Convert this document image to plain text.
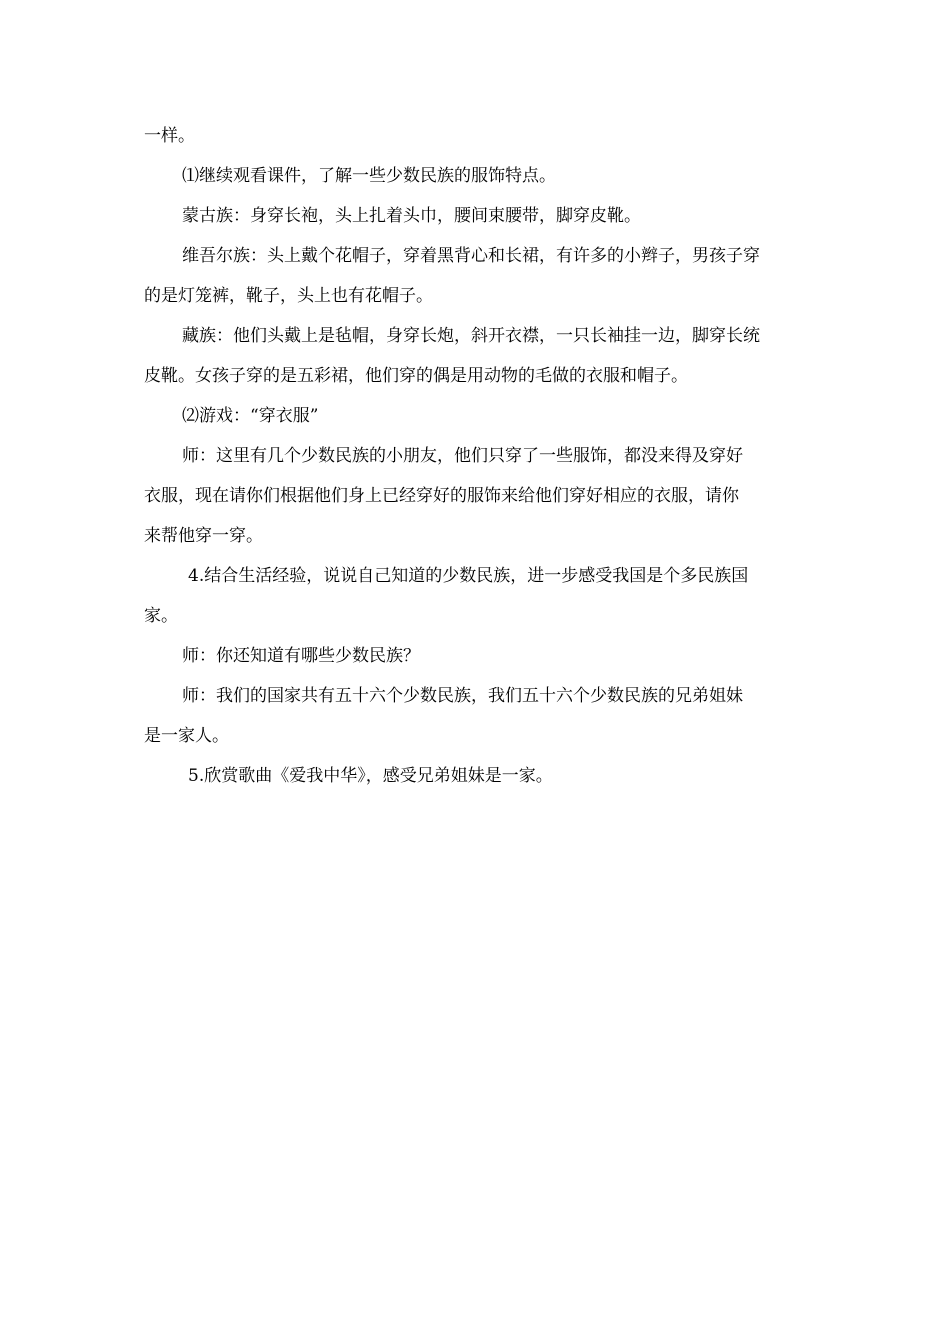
一样。

⑴继续观看课件，了解一些少数民族的服饰特点。

蒙古族：身穿长袍，头上扎着头巾，腰间束腰带，脚穿皮靴。

维吾尔族：头上戴个花帽子，穿着黑背心和长裙，有许多的小辫子，男孩子穿

的是灯笼裤，靴子，头上也有花帽子。

藏族：他们头戴上是毡帽，身穿长炮，斜开衣襟，一只长袖挂一边，脚穿长统

皮靴。女孩子穿的是五彩裙，他们穿的偶是用动物的毛做的衣服和帽子。

⑵游戏：“穿衣服”

师：这里有几个少数民族的小朋友，他们只穿了一些服饰，都没来得及穿好

衣服，现在请你们根据他们身上已经穿好的服饰来给他们穿好相应的衣服，请你

来帮他穿一穿。

4.结合生活经验，说说自己知道的少数民族，进一步感受我国是个多民族国

家。

师：你还知道有哪些少数民族？

师：我们的国家共有五十六个少数民族，我们五十六个少数民族的兄弟姐妹

是一家人。

5.欣赏歌曲《爱我中华》，感受兄弟姐妹是一家。
